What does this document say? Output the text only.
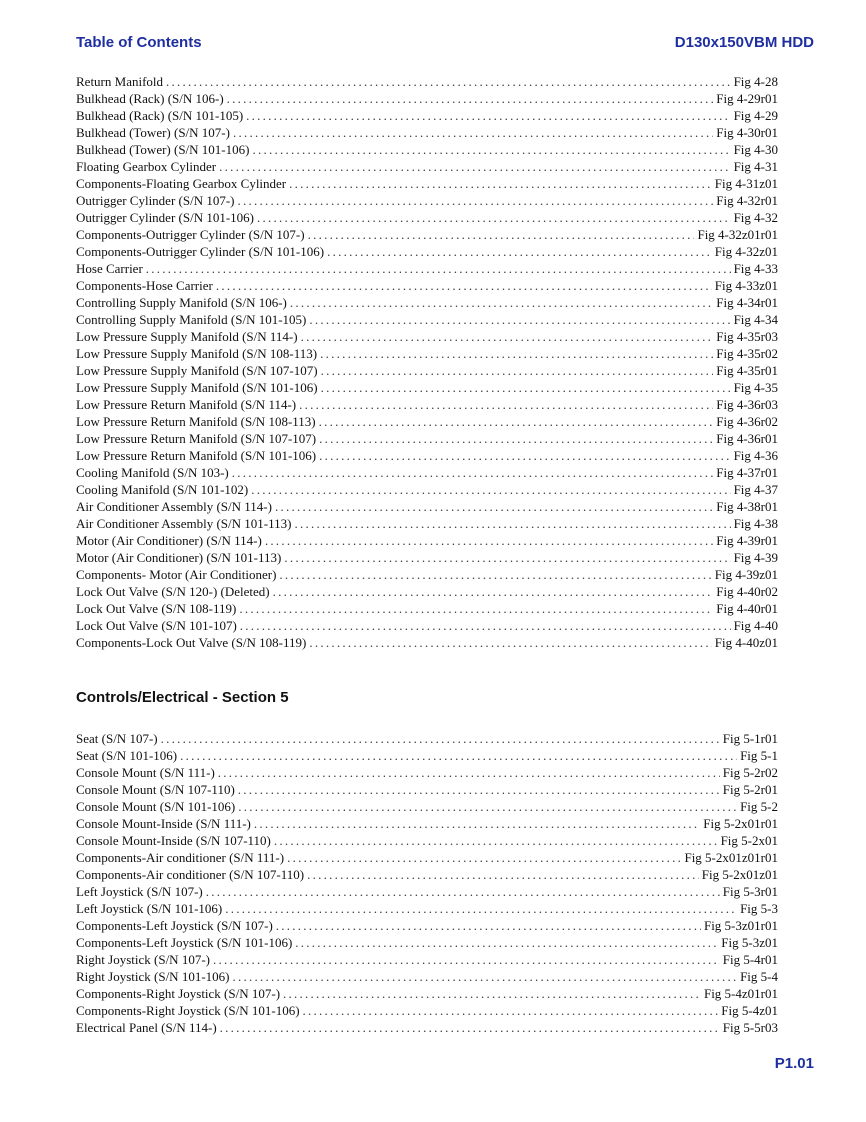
Table of Contents	D130x150VBM HDD
Return Manifold . . .	Fig 4-28
Bulkhead (Rack) (S/N 106-) . . .	Fig 4-29r01
Bulkhead (Rack) (S/N 101-105) . . .	Fig 4-29
Bulkhead (Tower) (S/N 107-) . . .	Fig 4-30r01
Bulkhead (Tower) (S/N 101-106) . . .	Fig 4-30
Floating Gearbox Cylinder . . .	Fig 4-31
Components-Floating Gearbox Cylinder . . .	Fig 4-31z01
Outrigger Cylinder (S/N 107-) . . .	Fig 4-32r01
Outrigger Cylinder (S/N 101-106) . . .	Fig 4-32
Components-Outrigger Cylinder (S/N 107-) . . .	Fig 4-32z01r01
Components-Outrigger Cylinder (S/N 101-106) . . .	Fig 4-32z01
Hose Carrier . . .	Fig 4-33
Components-Hose Carrier . . .	Fig 4-33z01
Controlling Supply Manifold (S/N 106-) . . .	Fig 4-34r01
Controlling Supply Manifold (S/N 101-105) . . .	Fig 4-34
Low Pressure Supply Manifold (S/N 114-) . . .	Fig 4-35r03
Low Pressure Supply Manifold (S/N 108-113) . . .	Fig 4-35r02
Low Pressure Supply Manifold (S/N 107-107) . . .	Fig 4-35r01
Low Pressure Supply Manifold (S/N 101-106) . . .	Fig 4-35
Low Pressure Return Manifold (S/N 114-) . . .	Fig 4-36r03
Low Pressure Return Manifold (S/N 108-113) . . .	Fig 4-36r02
Low Pressure Return Manifold (S/N 107-107) . . .	Fig 4-36r01
Low Pressure Return Manifold (S/N 101-106) . . .	Fig 4-36
Cooling Manifold (S/N 103-) . . .	Fig 4-37r01
Cooling Manifold (S/N 101-102) . . .	Fig 4-37
Air Conditioner Assembly (S/N 114-) . . .	Fig 4-38r01
Air Conditioner Assembly (S/N 101-113) . . .	Fig 4-38
Motor (Air Conditioner) (S/N 114-) . . .	Fig 4-39r01
Motor (Air Conditioner) (S/N 101-113) . . .	Fig 4-39
Components- Motor (Air Conditioner) . . .	Fig 4-39z01
Lock Out Valve (S/N 120-) (Deleted) . . .	Fig 4-40r02
Lock Out Valve (S/N 108-119) . . .	Fig 4-40r01
Lock Out Valve (S/N 101-107) . . .	Fig 4-40
Components-Lock Out Valve (S/N 108-119) . . .	Fig 4-40z01
Controls/Electrical - Section 5
Seat (S/N 107-) . . .	Fig 5-1r01
Seat (S/N 101-106) . . .	Fig 5-1
Console Mount (S/N 111-) . . .	Fig 5-2r02
Console Mount (S/N 107-110) . . .	Fig 5-2r01
Console Mount (S/N 101-106) . . .	Fig 5-2
Console Mount-Inside (S/N 111-) . . .	Fig 5-2x01r01
Console Mount-Inside (S/N 107-110) . . .	Fig 5-2x01
Components-Air conditioner (S/N 111-) . . .	Fig 5-2x01z01r01
Components-Air conditioner (S/N 107-110) . . .	Fig 5-2x01z01
Left Joystick (S/N 107-) . . .	Fig 5-3r01
Left Joystick (S/N 101-106) . . .	Fig 5-3
Components-Left Joystick (S/N 107-) . . .	Fig 5-3z01r01
Components-Left Joystick (S/N 101-106) . . .	Fig 5-3z01
Right Joystick (S/N 107-) . . .	Fig 5-4r01
Right Joystick (S/N 101-106) . . .	Fig 5-4
Components-Right Joystick (S/N 107-) . . .	Fig 5-4z01r01
Components-Right Joystick (S/N 101-106) . . .	Fig 5-4z01
Electrical Panel (S/N 114-) . . .	Fig 5-5r03
P1.01
